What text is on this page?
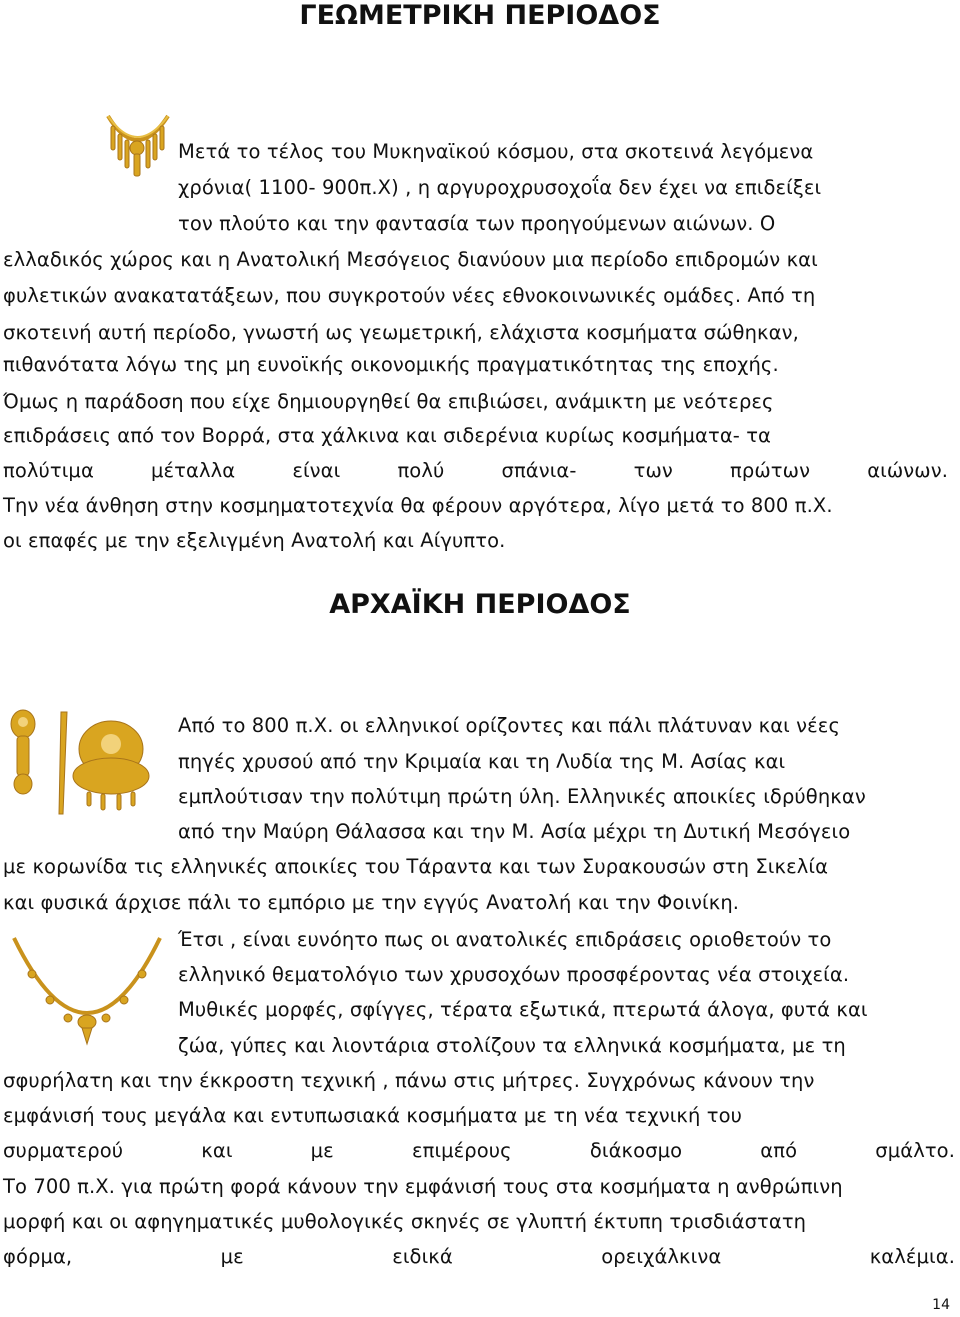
ΓΕΩΜΕΤΡΙΚΗ ΠΕΡΙΟΔΟΣ
Μετά το τέλος του Μυκηναϊκού κόσμου, στα σκοτεινά λεγόμενα
χρόνια( 1100- 900π.Χ) , η αργυροχρυσοχοΐα δεν έχει να επιδείξει
τον πλούτο και την φαντασία των προηγούμενων αιώνων. Ο
ελλαδικός χώρος και η Ανατολική Μεσόγειος διανύουν μια περίοδο επιδρομών και
φυλετικών ανακατατάξεων, που συγκροτούν νέες εθνοκοινωνικές ομάδες. Από τη
σκοτεινή αυτή περίοδο, γνωστή ως γεωμετρική, ελάχιστα κοσμήματα σώθηκαν,
πιθανότατα λόγω της μη ευνοϊκής οικονομικής πραγματικότητας της εποχής.
Όμως η παράδοση που είχε δημιουργηθεί θα επιβιώσει, ανάμικτη με νεότερες
επιδράσεις από τον Βορρά, στα χάλκινα και σιδερένια κυρίως κοσμήματα- τα
πολύτιμα μέταλλα είναι πολύ σπάνια- των πρώτων αιώνων.
Την νέα άνθηση στην κοσμηματοτεχνία θα φέρουν αργότερα, λίγο μετά το 800 π.Χ.
οι επαφές με την εξελιγμένη Ανατολή και Αίγυπτο.
ΑΡΧΑΪΚΗ ΠΕΡΙΟΔΟΣ
Από το 800 π.Χ. οι ελληνικοί ορίζοντες και πάλι πλάτυναν και νέες
πηγές χρυσού από την Κριμαία και τη Λυδία της Μ. Ασίας και
εμπλούτισαν την πολύτιμη πρώτη ύλη. Ελληνικές αποικίες ιδρύθηκαν
από την Μαύρη Θάλασσα και την Μ. Ασία μέχρι τη Δυτική Μεσόγειο
με κορωνίδα τις ελληνικές αποικίες του Τάραντα και των Συρακουσών στη Σικελία
και φυσικά άρχισε πάλι το εμπόριο με την εγγύς Ανατολή και την Φοινίκη.
Έτσι , είναι ευνόητο πως οι ανατολικές επιδράσεις οριοθετούν το
ελληνικό θεματολόγιο των χρυσοχόων προσφέροντας νέα στοιχεία.
Μυθικές μορφές, σφίγγες, τέρατα εξωτικά, πτερωτά άλογα, φυτά και
ζώα, γύπες και λιοντάρια στολίζουν τα ελληνικά κοσμήματα, με τη
σφυρήλατη και την έκκροστη τεχνική , πάνω στις μήτρες. Συγχρόνως κάνουν την
εμφάνισή τους μεγάλα και εντυπωσιακά κοσμήματα με τη νέα τεχνική του
συρματερού και με επιμέρους διάκοσμο από σμάλτο.
Το 700 π.Χ. για πρώτη φορά κάνουν την εμφάνισή τους στα κοσμήματα η ανθρώπινη
μορφή και οι αφηγηματικές μυθολογικές σκηνές σε γλυπτή έκτυπη τρισδιάστατη
φόρμα, με ειδικά ορειχάλκινα καλέμια.
14
